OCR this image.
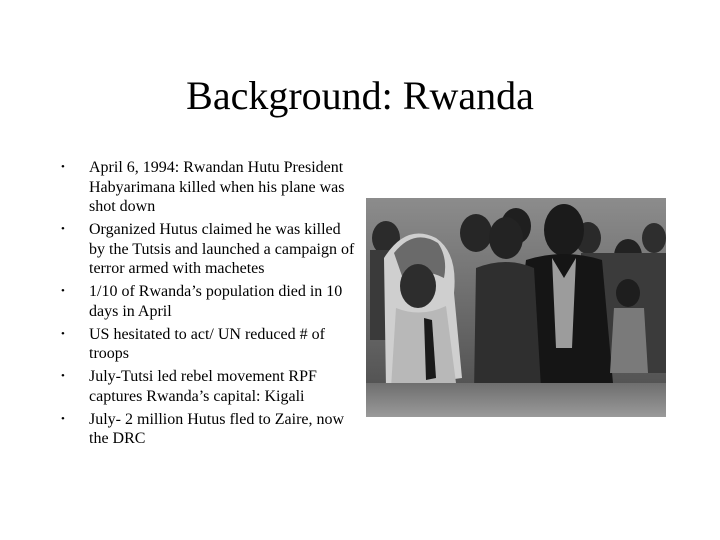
Background: Rwanda
•	April 6, 1994: Rwandan Hutu President Habyarimana killed when his plane was shot down
•	Organized Hutus claimed he was killed by the Tutsis and launched a campaign of terror armed with machetes
•	1/10 of Rwanda’s population died in 10 days in April
•	US hesitated to act/ UN reduced # of troops
•	July-Tutsi led rebel movement RPF captures Rwanda’s capital: Kigali
•	July- 2 million Hutus fled to Zaire, now the DRC
